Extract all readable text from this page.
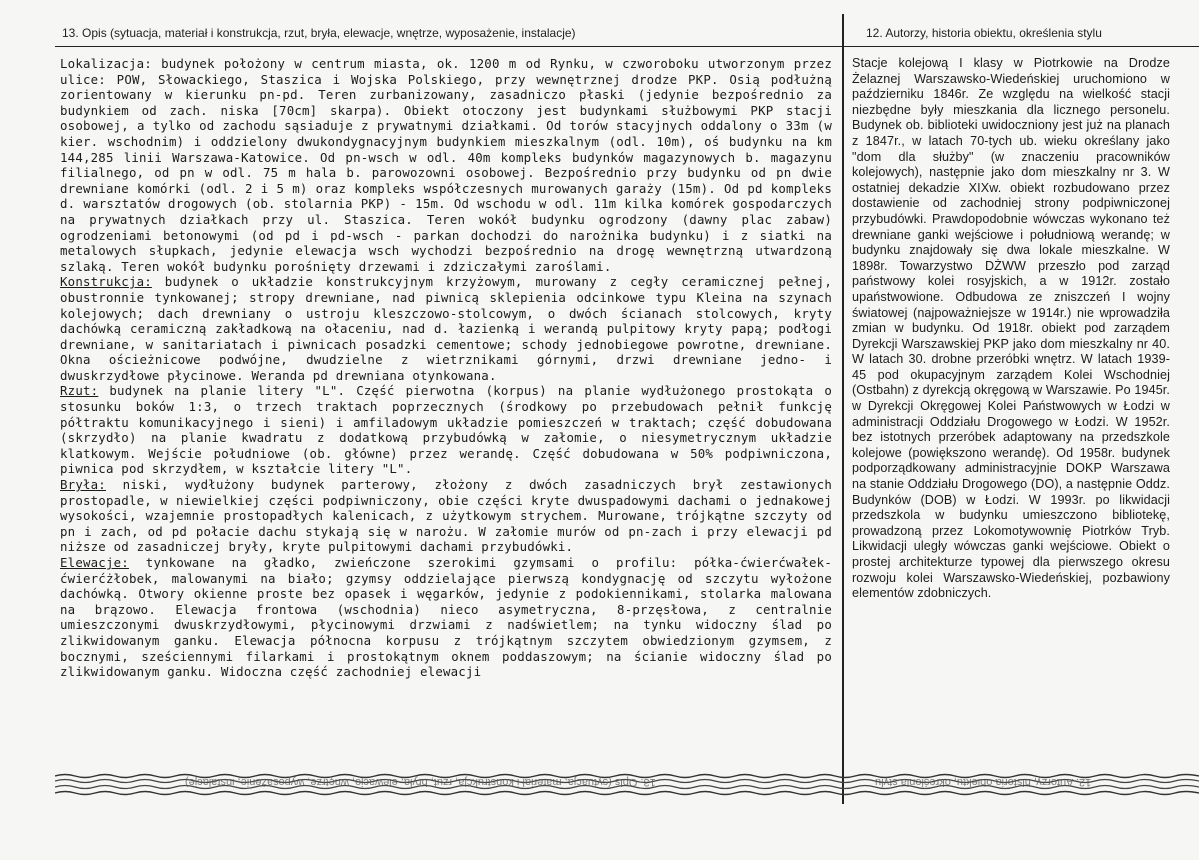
13. Opis (sytuacja, materiał i konstrukcja, rzut, bryła, elewacje, wnętrze, wyposażenie, instalacje)	12. Autorzy, historia obiektu, określenia stylu

Lokalizacja: budynek położony w centrum miasta, ok. 1200 m od Rynku, w czworoboku utworzonym przez ulice: POW, Słowackiego, Staszica i Wojska Polskiego, przy wewnętrznej drodze PKP. Osią podłużną zorientowany w kierunku pn-pd. Teren zurbanizowany, zasadniczo płaski (jedynie bezpośrednio za budynkiem od zach. niska [70cm] skarpa). Obiekt otoczony jest budynkami służbowymi PKP stacji osobowej, a tylko od zachodu sąsiaduje z prywatnymi działkami. Od torów stacyjnych oddalony o 33m (w kier. wschodnim) i oddzielony dwukondygnacyjnym budynkiem mieszkalnym (odl. 10m), oś budynku na km 144,285 linii Warszawa-Katowice. Od pn-wsch w odl. 40m kompleks budynków magazynowych b. magazynu filialnego, od pn w odl. 75 m hala b. parowozowni osobowej. Bezpośrednio przy budynku od pn dwie drewniane komórki (odl. 2 i 5 m) oraz kompleks współczesnych murowanych garaży (15m). Od pd kompleks d. warsztatów drogowych (ob. stolarnia PKP) - 15m. Od wschodu w odl. 11m kilka komórek gospodarczych na prywatnych działkach przy ul. Staszica. Teren wokół budynku ogrodzony (dawny plac zabaw) ogrodzeniami betonowymi (od pd i pd-wsch - parkan dochodzi do narożnika budynku) i z siatki na metalowych słupkach, jedynie elewacja wsch wychodzi bezpośrednio na drogę wewnętrzną utwardzoną szlaką. Teren wokół budynku porośnięty drzewami i zdziczałymi zaroślami.

Konstrukcja: budynek o układzie konstrukcyjnym krzyżowym, murowany z cegły ceramicznej pełnej, obustronnie tynkowanej; stropy drewniane, nad piwnicą sklepienia odcinkowe typu Kleina na szynach kolejowych; dach drewniany o ustroju kleszczowo-stolcowym, o dwóch ścianach stolcowych, kryty dachówką ceramiczną zakładkową na ołaceniu, nad d. łazienką i werandą pulpitowy kryty papą; podłogi drewniane, w sanitariatach i piwnicach posadzki cementowe; schody jednobiegowe powrotne, drewniane. Okna ościeżnicowe podwójne, dwudzielne z wietrznikami górnymi, drzwi drewniane jedno- i dwuskrzydłowe płycinowe. Weranda pd drewniana otynkowana.

Rzut: budynek na planie litery "L". Część pierwotna (korpus) na planie wydłużonego prostokąta o stosunku boków 1:3, o trzech traktach poprzecznych (środkowy po przebudowach pełnił funkcję półtraktu komunikacyjnego i sieni) i amfiladowym układzie pomieszczeń w traktach; część dobudowana (skrzydło) na planie kwadratu z dodatkową przybudówką w załomie, o niesymetrycznym układzie klatkowym. Wejście południowe (ob. główne) przez werandę. Część dobudowana w 50% podpiwniczona, piwnica pod skrzydłem, w kształcie litery "L".

Bryła: niski, wydłużony budynek parterowy, złożony z dwóch zasadniczych brył zestawionych prostopadle, w niewielkiej części podpiwniczony, obie części kryte dwuspadowymi dachami o jednakowej wysokości, wzajemnie prostopadłych kalenicach, z użytkowym strychem. Murowane, trójkątne szczyty od pn i zach, od pd połacie dachu stykają się w narożu. W załomie murów od pn-zach i przy elewacji pd niższe od zasadniczej bryły, kryte pulpitowymi dachami przybudówki.

Elewacje: tynkowane na gładko, zwieńczone szerokimi gzymsami o profilu: półka-ćwierćwałek-ćwierćżłobek, malowanymi na biało; gzymsy oddzielające pierwszą kondygnację od szczytu wyłożone dachówką. Otwory okienne proste bez opasek i węgarków, jedynie z podokiennikami, stolarka malowana na brązowo. Elewacja frontowa (wschodnia) nieco asymetryczna, 8-przęsłowa, z centralnie umieszczonymi dwuskrzydłowymi, płycinowymi drzwiami z nadświetlem; na tynku widoczny ślad po zlikwidowanym ganku. Elewacja północna korpusu z trójkątnym szczytem obwiedzionym gzymsem, z bocznymi, sześciennymi filarkami i prostokątnym oknem poddaszowym; na ścianie widoczny ślad po zlikwidowanym ganku. Widoczna część zachodniej elewacji

Stacje kolejową I klasy w Piotrkowie na Drodze Żelaznej Warszawsko-Wiedeńskiej uruchomiono w październiku 1846r. Ze względu na wielkość stacji niezbędne były mieszkania dla licznego personelu. Budynek ob. biblioteki uwidoczniony jest już na planach z 1847r., w latach 70-tych ub. wieku określany jako "dom dla służby" (w znaczeniu pracowników kolejowych), następnie jako dom mieszkalny nr 3. W ostatniej dekadzie XIXw. obiekt rozbudowano przez dostawienie od zachodniej strony podpiwniczonej przybudówki. Prawdopodobnie wówczas wykonano też drewniane ganki wejściowe i południową werandę; w budynku znajdowały się dwa lokale mieszkalne. W 1898r. Towarzystwo DŻWW przeszło pod zarząd państwowy kolei rosyjskich, a w 1912r. zostało upaństwowione. Odbudowa ze zniszczeń I wojny światowej (najpoważniejsze w 1914r.) nie wprowadziła zmian w budynku. Od 1918r. obiekt pod zarządem Dyrekcji Warszawskiej PKP jako dom mieszkalny nr 40. W latach 30. drobne przeróbki wnętrz. W latach 1939-45 pod okupacyjnym zarządem Kolei Wschodniej (Ostbahn) z dyrekcją okręgową w Warszawie. Po 1945r. w Dyrekcji Okręgowej Kolei Państwowych w Łodzi w administracji Oddziału Drogowego w Łodzi. W 1952r. bez istotnych przeróbek adaptowany na przedszkole kolejowe (powiększono werandę). Od 1958r. budynek podporządkowany administracyjnie DOKP Warszawa na stanie Oddziału Drogowego (DO), a następnie Oddz. Budynków (DOB) w Łodzi. W 1993r. po likwidacji przedszkola w budynku umieszczono bibliotekę, prowadzoną przez Lokomotywownię Piotrków Tryb. Likwidacji uległy wówczas ganki wejściowe. Obiekt o prostej architekturze typowej dla pierwszego okresu rozwoju kolei Warszawsko-Wiedeńskiej, pozbawiony elementów zdobniczych.

13. Opis (sytuacja, materiał i konstrukcja, rzut, bryła, elewacje, wnętrze, wyposażenie, instalacje)	12. Autorzy, historia obiektu, określenia stylu
